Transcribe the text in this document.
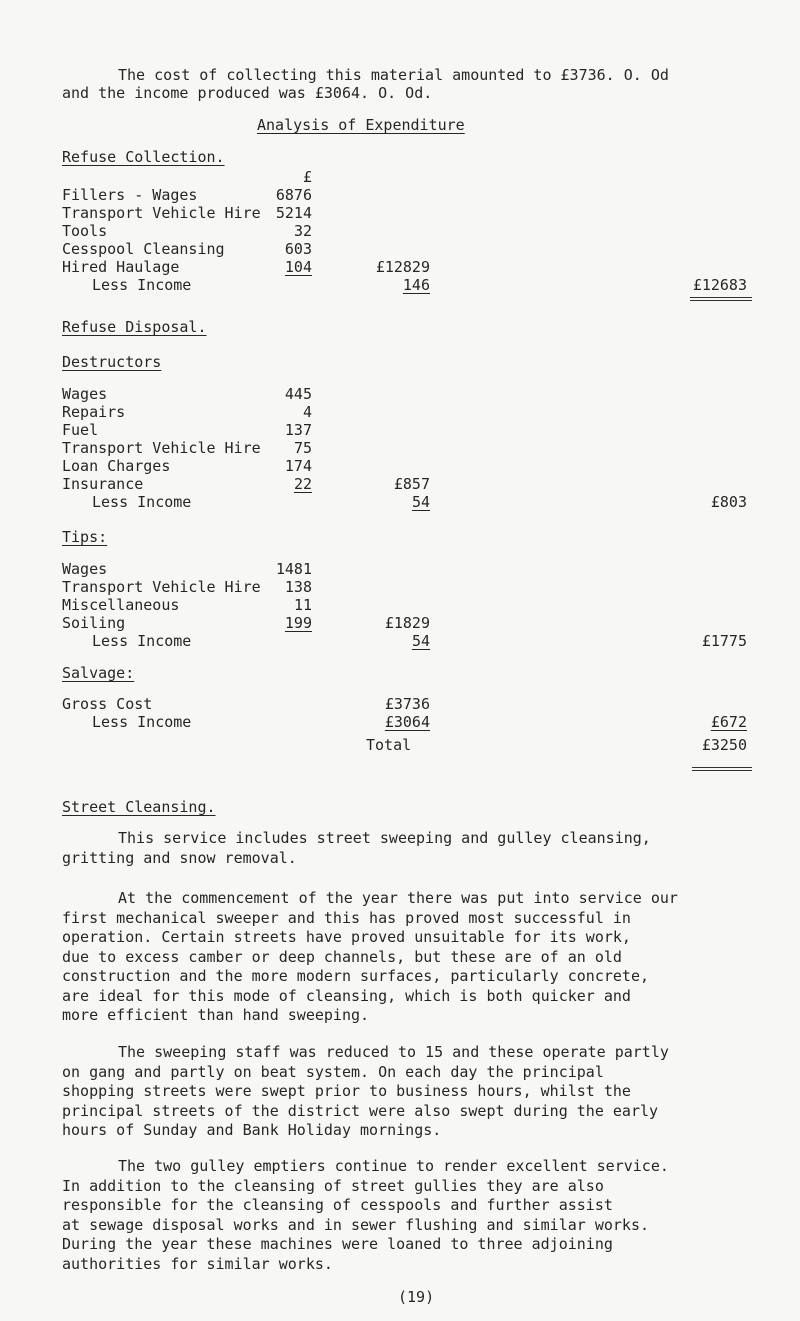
The cost of collecting this material amounted to £3736. O. Od
and the income produced was £3064. O. Od.
Analysis of Expenditure
Refuse Collection.
£
Fillers - Wages	6876
Transport Vehicle Hire	5214
Tools	32
Cesspool Cleansing	603
Hired Haulage	104	£12829
Less Income	146	£12683
Refuse Disposal.
Destructors
Wages	445
Repairs	4
Fuel	137
Transport Vehicle Hire	75
Loan Charges	174
Insurance	22	£857
Less Income	54	£803
Tips:
Wages	1481
Transport Vehicle Hire	138
Miscellaneous	11
Soiling	199	£1829
Less Income	54	£1775
Salvage:
Gross Cost	£3736
Less Income	£3064	£672
Total	£3250
Street Cleansing.
This service includes street sweeping and gulley cleansing,
gritting and snow removal.
At the commencement of the year there was put into service our
first mechanical sweeper and this has proved most successful in
operation. Certain streets have proved unsuitable for its work,
due to excess camber or deep channels, but these are of an old
construction and the more modern surfaces, particularly concrete,
are ideal for this mode of cleansing, which is both quicker and
more efficient than hand sweeping.
The sweeping staff was reduced to 15 and these operate partly
on gang and partly on beat system. On each day the principal
shopping streets were swept prior to business hours, whilst the
principal streets of the district were also swept during the early
hours of Sunday and Bank Holiday mornings.
The two gulley emptiers continue to render excellent service.
In addition to the cleansing of street gullies they are also
responsible for the cleansing of cesspools and further assist
at sewage disposal works and in sewer flushing and similar works.
During the year these machines were loaned to three adjoining
authorities for similar works.
(19)
